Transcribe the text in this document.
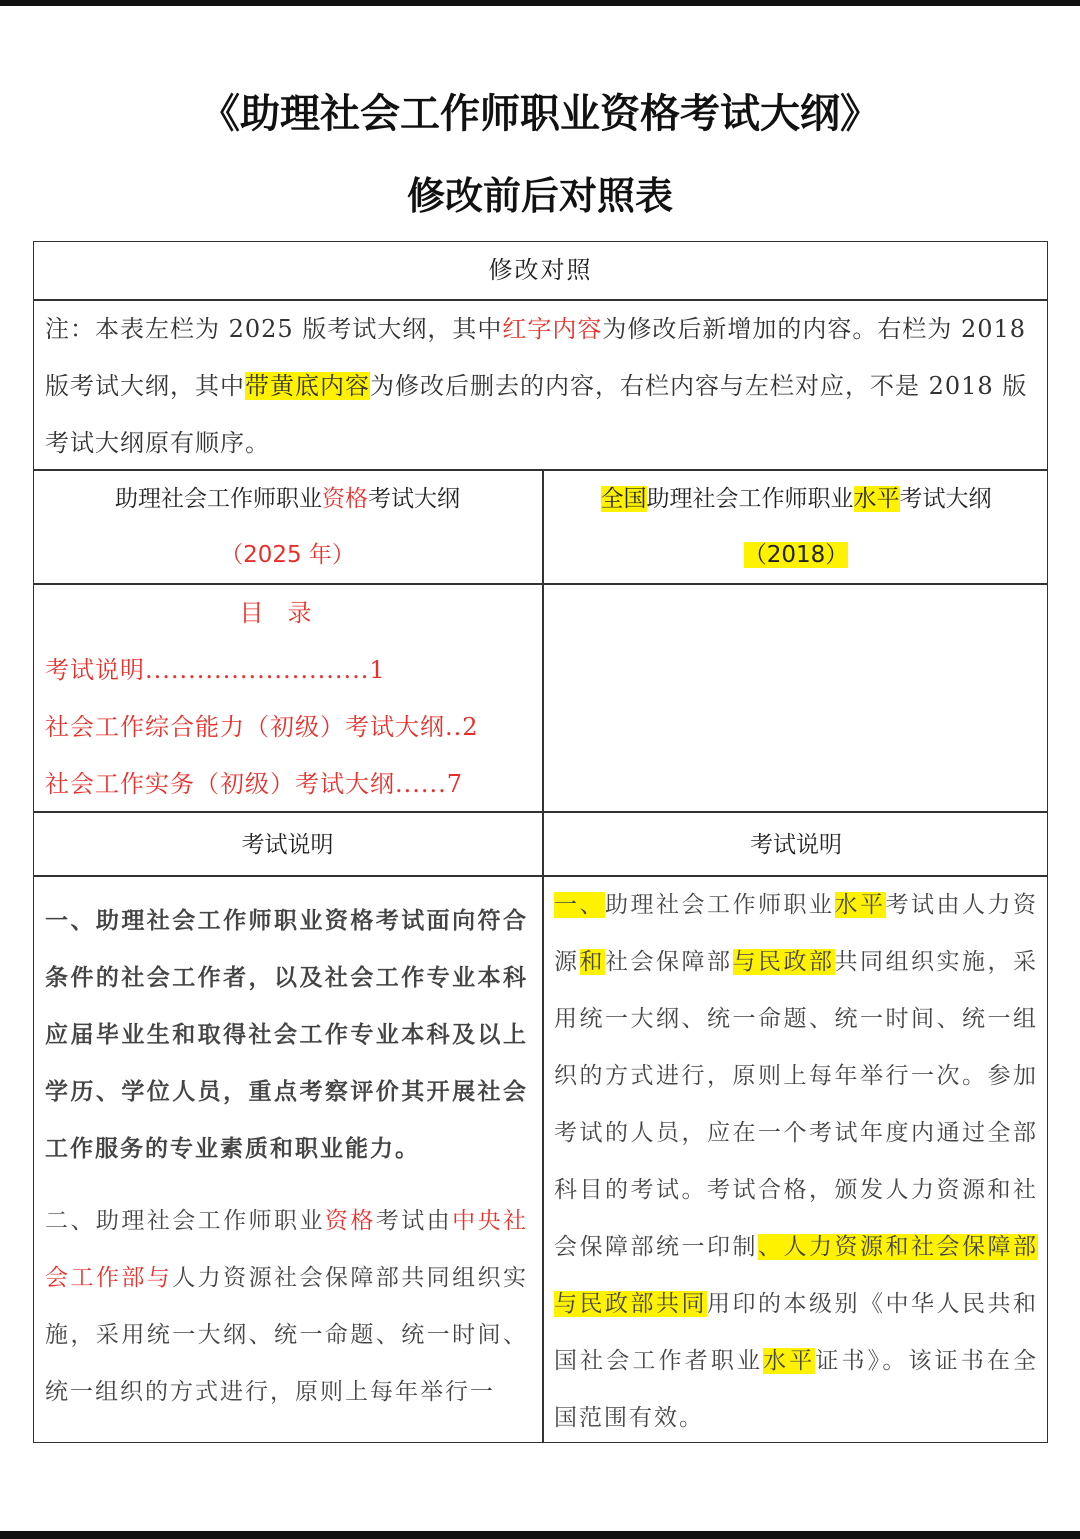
《助理社会工作师职业资格考试大纲》
修改前后对照表
修改对照
注：本表左栏为 2025 版考试大纲，其中红字内容为修改后新增加的内容。右栏为 2018 版考试大纲，其中带黄底内容为修改后删去的内容，右栏内容与左栏对应，不是 2018 版考试大纲原有顺序。
助理社会工作师职业资格考试大纲
（2025 年）
全国助理社会工作师职业水平考试大纲
（2018）
目录
考试说明..........................1
社会工作综合能力（初级）考试大纲..2
社会工作实务（初级）考试大纲......7
考试说明	考试说明
一、助理社会工作师职业资格考试面向符合条件的社会工作者，以及社会工作专业本科应届毕业生和取得社会工作专业本科及以上学历、学位人员，重点考察评价其开展社会工作服务的专业素质和职业能力。
二、助理社会工作师职业资格考试由中央社会工作部与人力资源社会保障部共同组织实施，采用统一大纲、统一命题、统一时间、统一组织的方式进行，原则上每年举行一
一、助理社会工作师职业水平考试由人力资源和社会保障部与民政部共同组织实施，采用统一大纲、统一命题、统一时间、统一组织的方式进行，原则上每年举行一次。参加考试的人员，应在一个考试年度内通过全部科目的考试。考试合格，颁发人力资源和社会保障部统一印制、人力资源和社会保障部与民政部共同用印的本级别《中华人民共和国社会工作者职业水平证书》。该证书在全国范围有效。
